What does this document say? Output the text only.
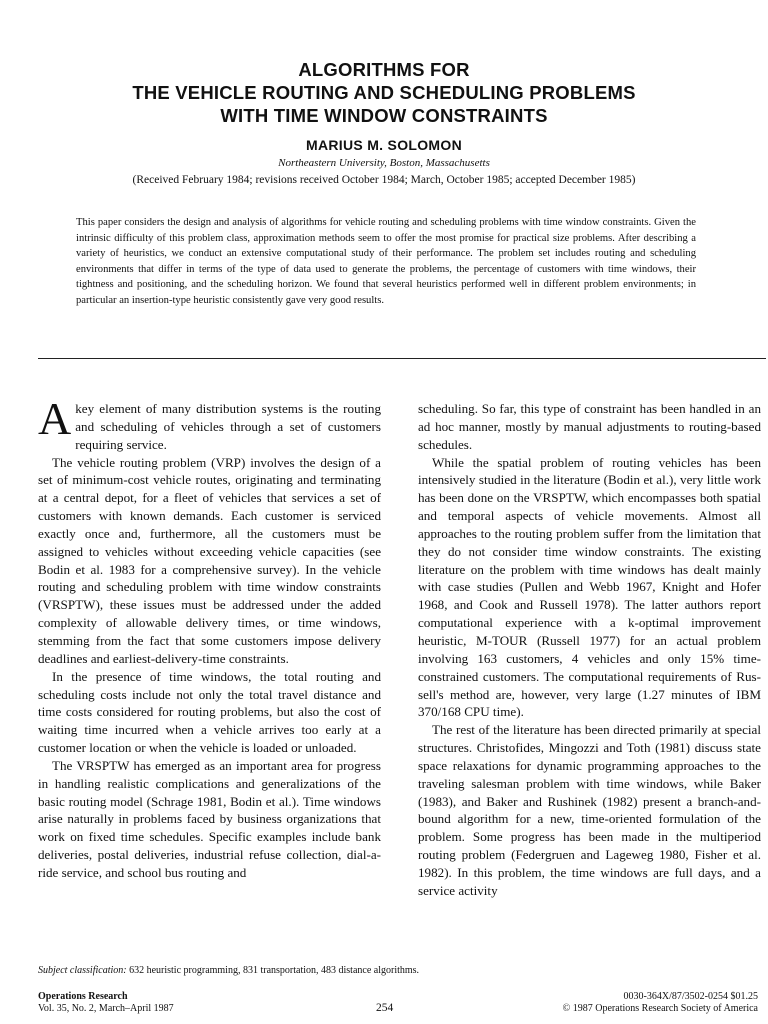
ALGORITHMS FOR
THE VEHICLE ROUTING AND SCHEDULING PROBLEMS
WITH TIME WINDOW CONSTRAINTS
MARIUS M. SOLOMON
Northeastern University, Boston, Massachusetts
(Received February 1984; revisions received October 1984; March, October 1985; accepted December 1985)
This paper considers the design and analysis of algorithms for vehicle routing and scheduling problems with time window constraints. Given the intrinsic difficulty of this problem class, approximation methods seem to offer the most promise for practical size problems. After describing a variety of heuristics, we conduct an extensive computational study of their performance. The problem set includes routing and scheduling environments that differ in terms of the type of data used to generate the problems, the percentage of customers with time windows, their tightness and positioning, and the scheduling horizon. We found that several heuristics performed well in different problem environments; in particular an insertion-type heuristic consistently gave very good results.

Akey element of many distribution systems is the routing and scheduling of vehicles through a set of customers requiring service.

The vehicle routing problem (VRP) involves the design of a set of minimum-cost vehicle routes, originating and terminating at a central depot, for a fleet of vehicles that services a set of customers with known demands. Each customer is serviced exactly once and, furthermore, all the customers must be assigned to vehicles without exceeding vehicle capacities (see Bodin et al. 1983 for a comprehensive survey). In the vehicle routing and scheduling problem with time window constraints (VRSPTW), these issues must be addressed under the added complexity of allowable delivery times, or time windows, stemming from the fact that some customers impose delivery deadlines and earliest-delivery-time constraints.

In the presence of time windows, the total routing and scheduling costs include not only the total travel distance and time costs considered for routing problems, but also the cost of waiting time incurred when a vehicle arrives too early at a customer location or when the vehicle is loaded or unloaded.

The VRSPTW has emerged as an important area for progress in handling realistic complications and generalizations of the basic routing model (Schrage 1981, Bodin et al.). Time windows arise naturally in problems faced by business organizations that work on fixed time schedules. Specific examples include bank deliveries, postal deliveries, industrial refuse collection, dial-a-ride service, and school bus routing and

scheduling. So far, this type of constraint has been handled in an ad hoc manner, mostly by manual adjustments to routing-based schedules.

While the spatial problem of routing vehicles has been intensively studied in the literature (Bodin et al.), very little work has been done on the VRSPTW, which encompasses both spatial and temporal aspects of vehicle movements. Almost all approaches to the routing problem suffer from the limitation that they do not consider time window constraints. The existing literature on the problem with time windows has dealt mainly with case studies (Pullen and Webb 1967, Knight and Hofer 1968, and Cook and Russell 1978). The latter authors report computational experience with a k-optimal improvement heuristic, M-TOUR (Russell 1977) for an actual problem involving 163 customers, 4 vehicles and only 15% time-constrained customers. The computational requirements of Russell's method are, however, very large (1.27 minutes of IBM 370/168 CPU time).

The rest of the literature has been directed primarily at special structures. Christofides, Mingozzi and Toth (1981) discuss state space relaxations for dynamic programming approaches to the traveling salesman problem with time windows, while Baker (1983), and Baker and Rushinek (1982) present a branch-and-bound algorithm for a new, time-oriented formulation of the problem. Some progress has been made in the multiperiod routing problem (Federgruen and Lageweg 1980, Fisher et al. 1982). In this problem, the time windows are full days, and a service activity

Subject classification: 632 heuristic programming, 831 transportation, 483 distance algorithms.
Operations Research
Vol. 35, No. 2, March–April 1987	254
0030-364X/87/3502-0254 $01.25
© 1987 Operations Research Society of America
